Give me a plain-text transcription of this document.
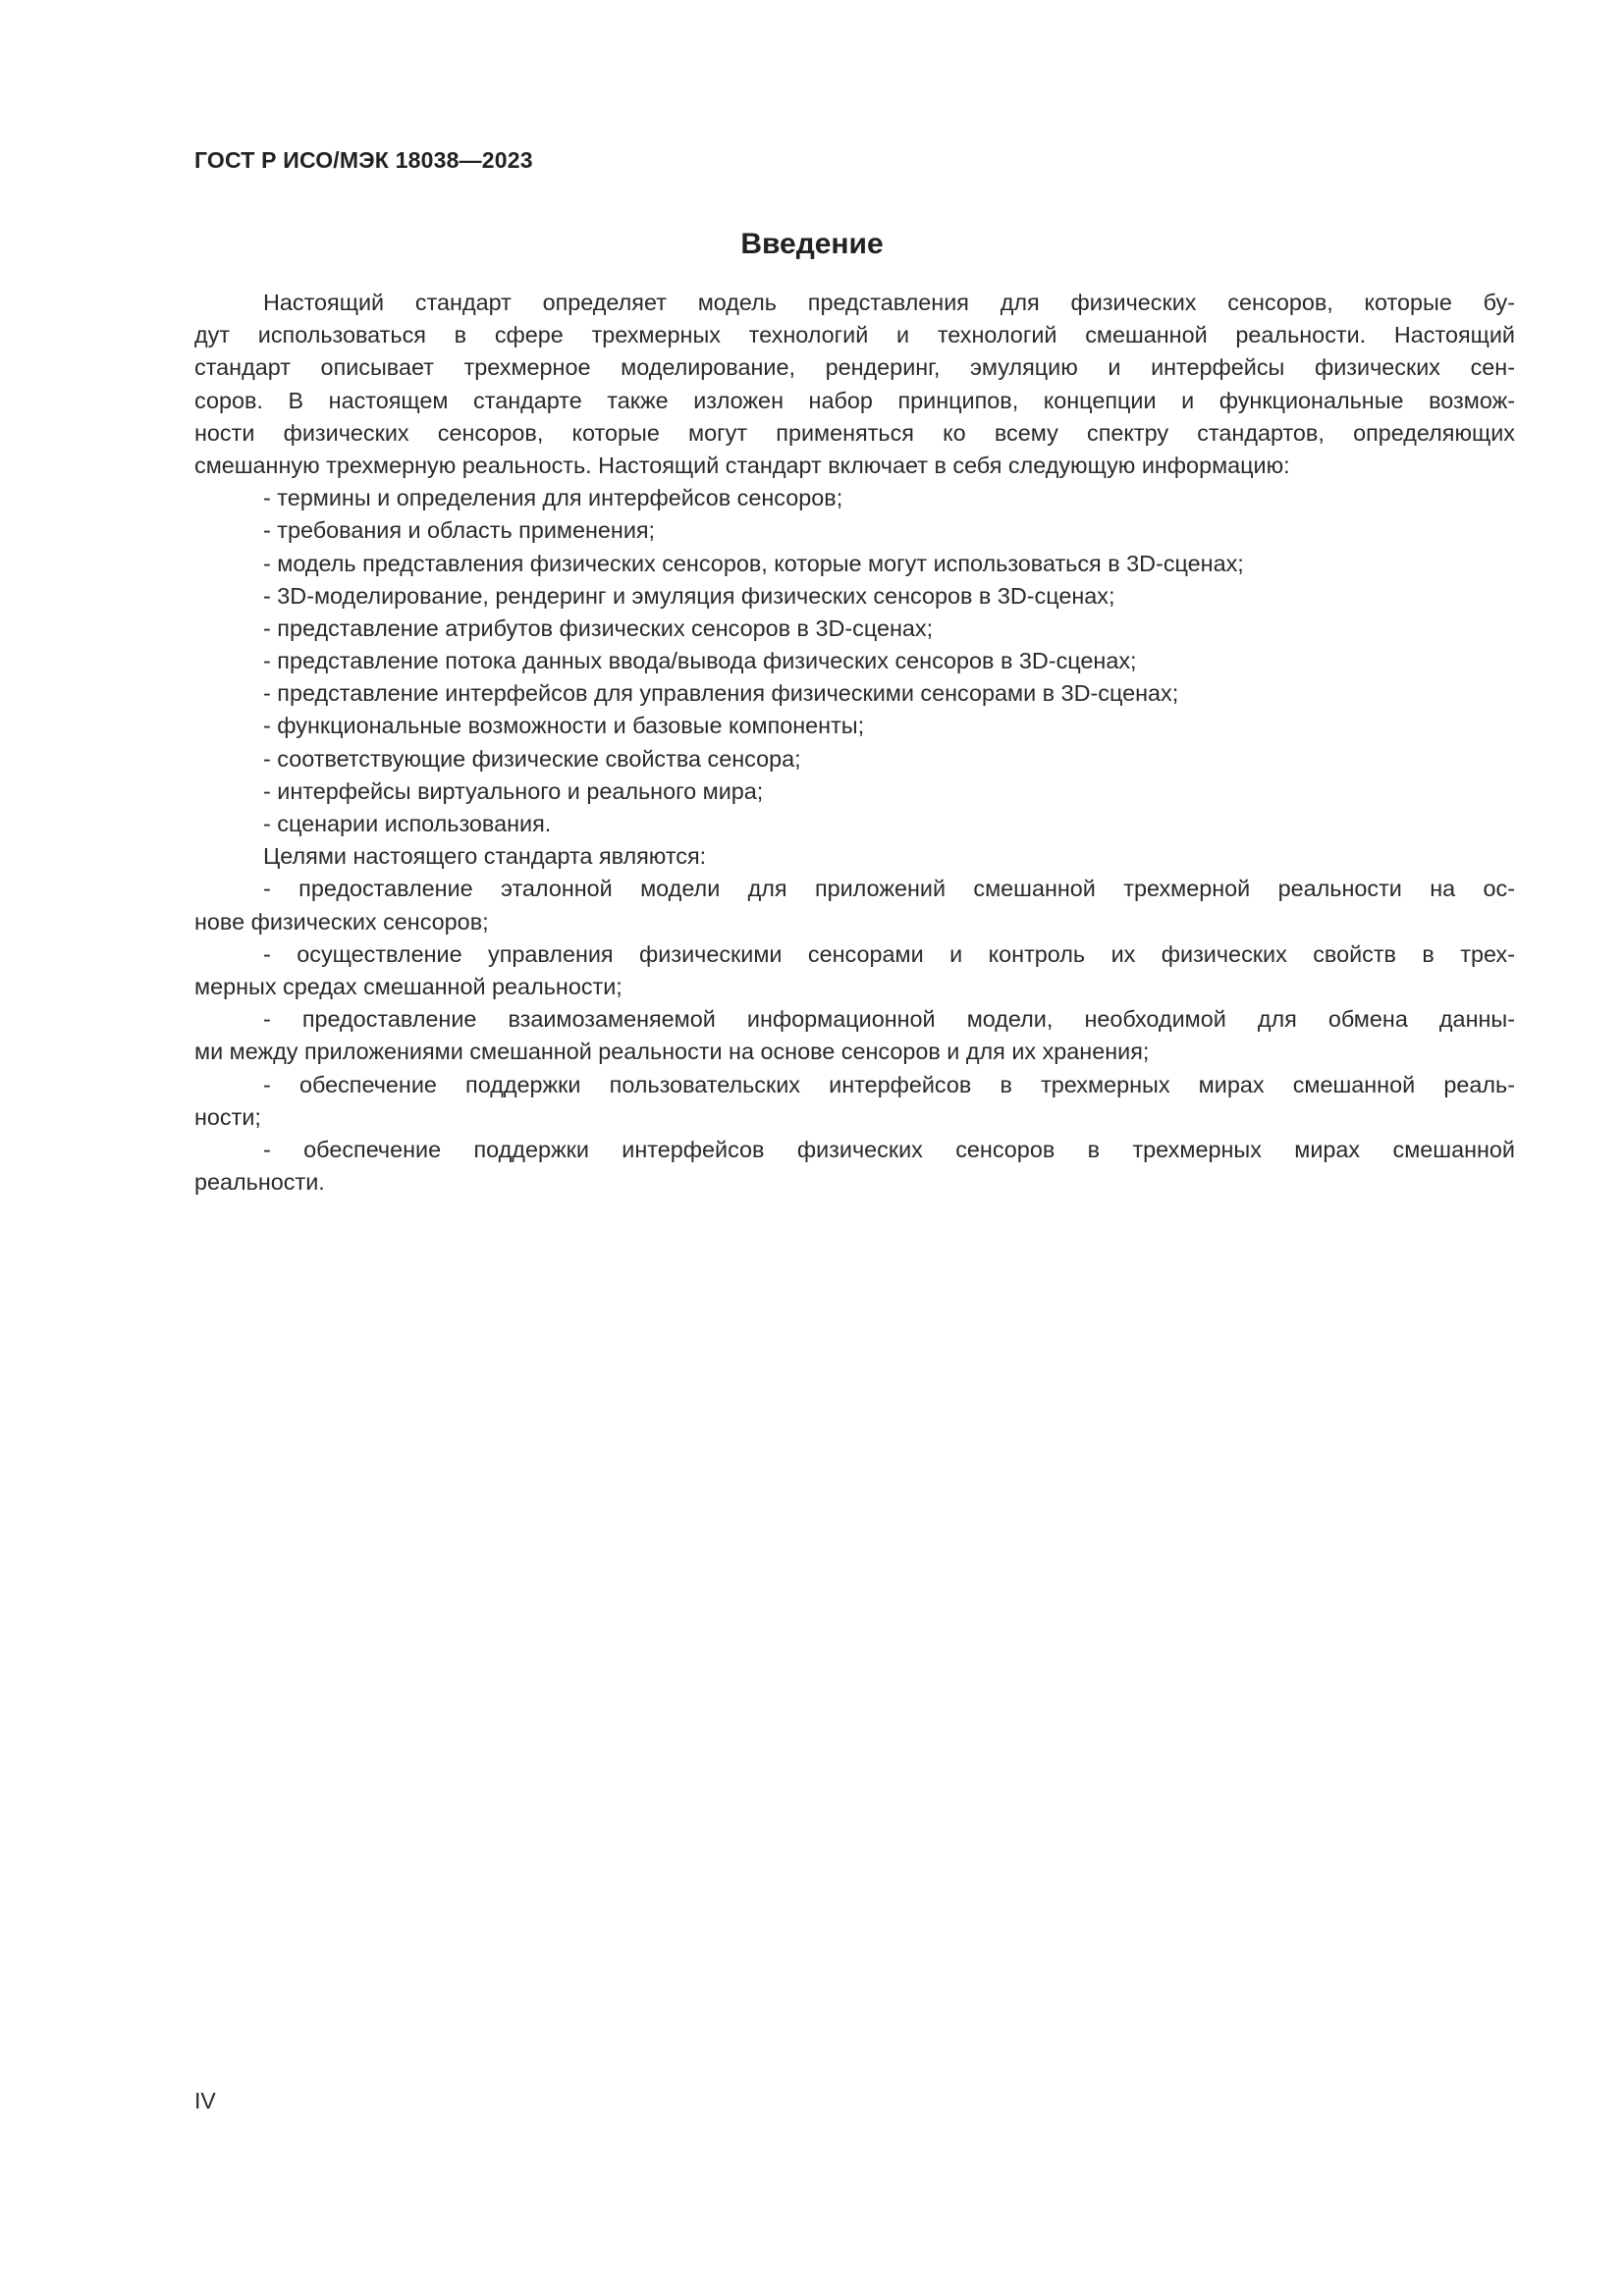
ГОСТ Р ИСО/МЭК 18038—2023
Введение
Настоящий стандарт определяет модель представления для физических сенсоров, которые бу-
дут использоваться в сфере трехмерных технологий и технологий смешанной реальности. Настоящий
стандарт описывает трехмерное моделирование, рендеринг, эмуляцию и интерфейсы физических сен-
соров. В настоящем стандарте также изложен набор принципов, концепции и функциональные возмож-
ности физических сенсоров, которые могут применяться ко всему спектру стандартов, определяющих
смешанную трехмерную реальность. Настоящий стандарт включает в себя следующую информацию:
- термины и определения для интерфейсов сенсоров;
- требования и область применения;
- модель представления физических сенсоров, которые могут использоваться в 3D-сценах;
- 3D-моделирование, рендеринг и эмуляция физических сенсоров в 3D-сценах;
- представление атрибутов физических сенсоров в 3D-сценах;
- представление потока данных ввода/вывода физических сенсоров в 3D-сценах;
- представление интерфейсов для управления физическими сенсорами в 3D-сценах;
- функциональные возможности и базовые компоненты;
- соответствующие физические свойства сенсора;
- интерфейсы виртуального и реального мира;
- сценарии использования.
Целями настоящего стандарта являются:
- предоставление эталонной модели для приложений смешанной трехмерной реальности на ос-
нове физических сенсоров;
- осуществление управления физическими сенсорами и контроль их физических свойств в трех-
мерных средах смешанной реальности;
- предоставление взаимозаменяемой информационной модели, необходимой для обмена данны-
ми между приложениями смешанной реальности на основе сенсоров и для их хранения;
- обеспечение поддержки пользовательских интерфейсов в трехмерных мирах смешанной реаль-
ности;
- обеспечение поддержки интерфейсов физических сенсоров в трехмерных мирах смешанной
реальности.
IV
